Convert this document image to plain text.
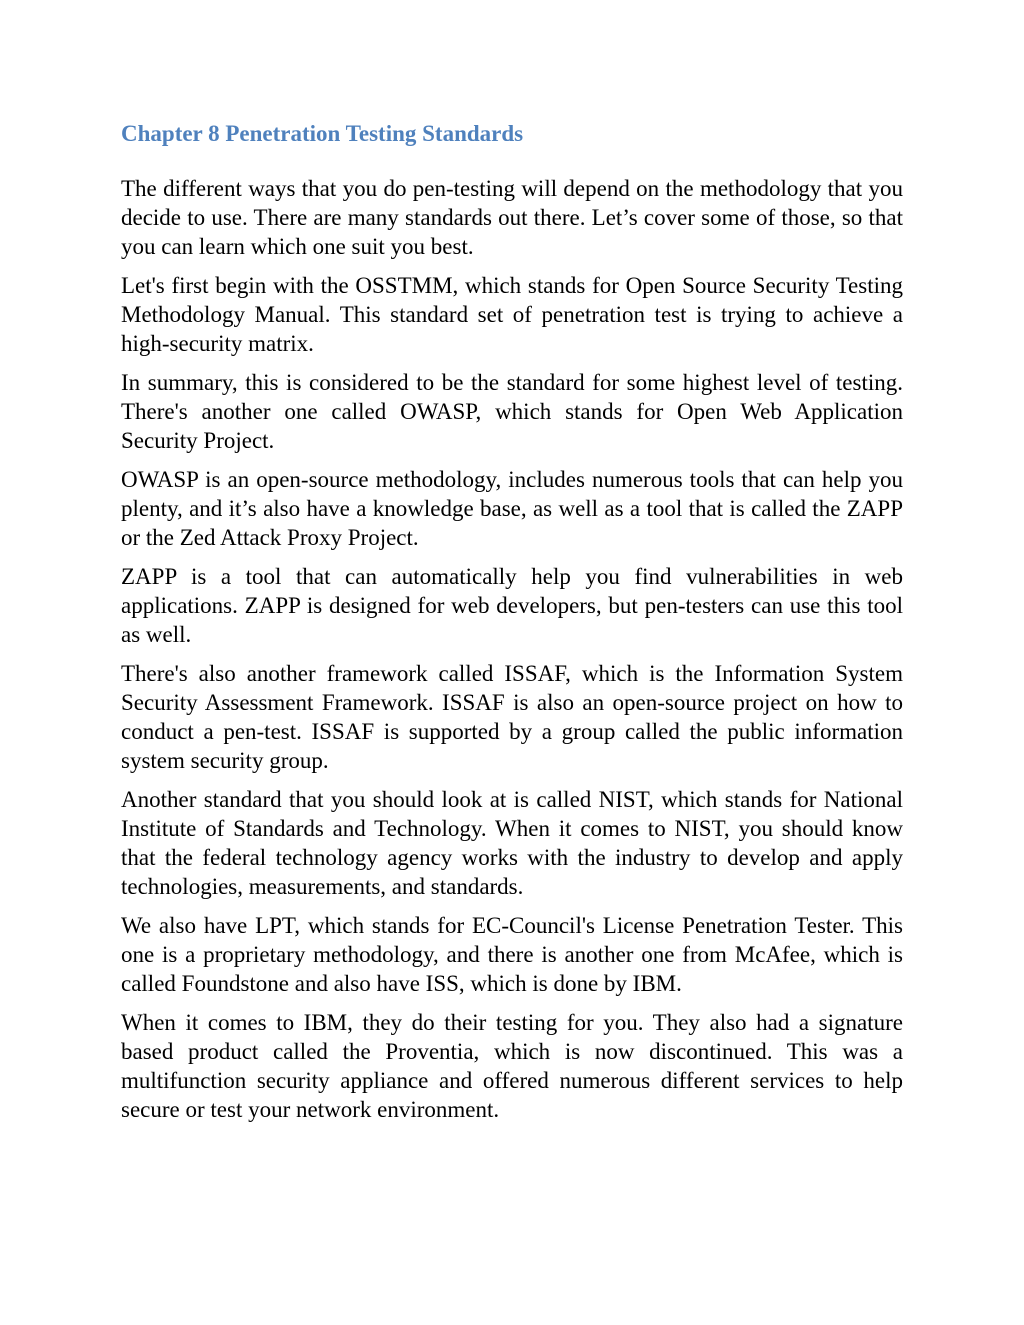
Chapter 8 Penetration Testing Standards

The different ways that you do pen-testing will depend on the methodology that you decide to use. There are many standards out there. Let’s cover some of those, so that you can learn which one suit you best.

Let's first begin with the OSSTMM, which stands for Open Source Security Testing Methodology Manual. This standard set of penetration test is trying to achieve a high-security matrix.

In summary, this is considered to be the standard for some highest level of testing. There's another one called OWASP, which stands for Open Web Application Security Project.

OWASP is an open-source methodology, includes numerous tools that can help you plenty, and it’s also have a knowledge base, as well as a tool that is called the ZAPP or the Zed Attack Proxy Project.

ZAPP is a tool that can automatically help you find vulnerabilities in web applications. ZAPP is designed for web developers, but pen-testers can use this tool as well.

There's also another framework called ISSAF, which is the Information System Security Assessment Framework. ISSAF is also an open-source project on how to conduct a pen-test. ISSAF is supported by a group called the public information system security group.

Another standard that you should look at is called NIST, which stands for National Institute of Standards and Technology. When it comes to NIST, you should know that the federal technology agency works with the industry to develop and apply technologies, measurements, and standards.

We also have LPT, which stands for EC-Council's License Penetration Tester. This one is a proprietary methodology, and there is another one from McAfee, which is called Foundstone and also have ISS, which is done by IBM.

When it comes to IBM, they do their testing for you. They also had a signature based product called the Proventia, which is now discontinued. This was a multifunction security appliance and offered numerous different services to help secure or test your network environment.
